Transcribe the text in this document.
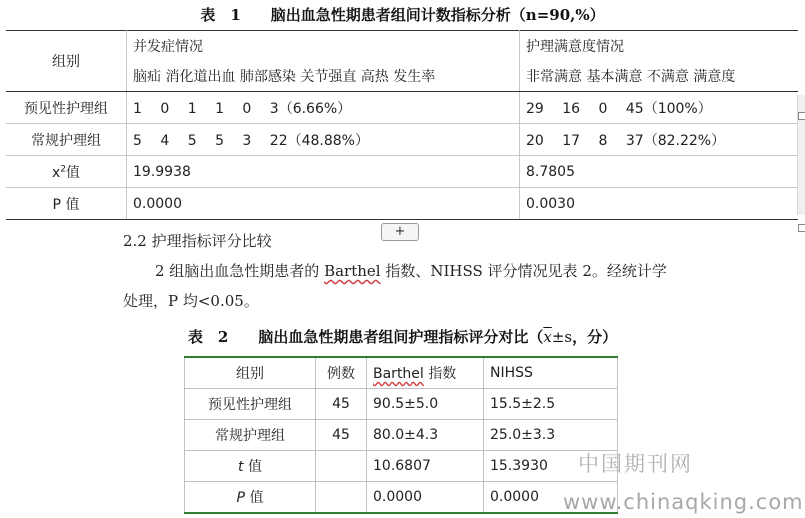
表　1　　脑出血急性期患者组间计数指标分析（n=90,%）
组别	并发症情况	护理满意度情况
	脑疝 消化道出血 肺部感染 关节强直 高热 发生率	非常满意 基本满意 不满意 满意度
预见性护理组	1　 0　 1　 1　 0　 3（6.66%）	29　 16　 0　 45（100%）
常规护理组	5　 4　 5　 5　 3　 22（48.88%）	20　 17　 8　 37（82.22%）
$x^2$值	19.9938	8.7805
P 值	0.0000	0.0030
+
2.2 护理指标评分比较
2 组脑出血急性期患者的 Barthel 指数、NIHSS 评分情况见表 2。经统计学
处理，P 均<0.05。
表　2　　脑出血急性期患者组间护理指标评分对比（$\overline{x}\pm s$，分）
组别	例数	Barthel 指数	NIHSS
预见性护理组	45	90.5±5.0	15.5±2.5
常规护理组	45	80.0±4.3	25.0±3.3
t 值		10.6807	15.3930
P 值		0.0000	0.0000
中国期刊网
www.chinaqking.com
